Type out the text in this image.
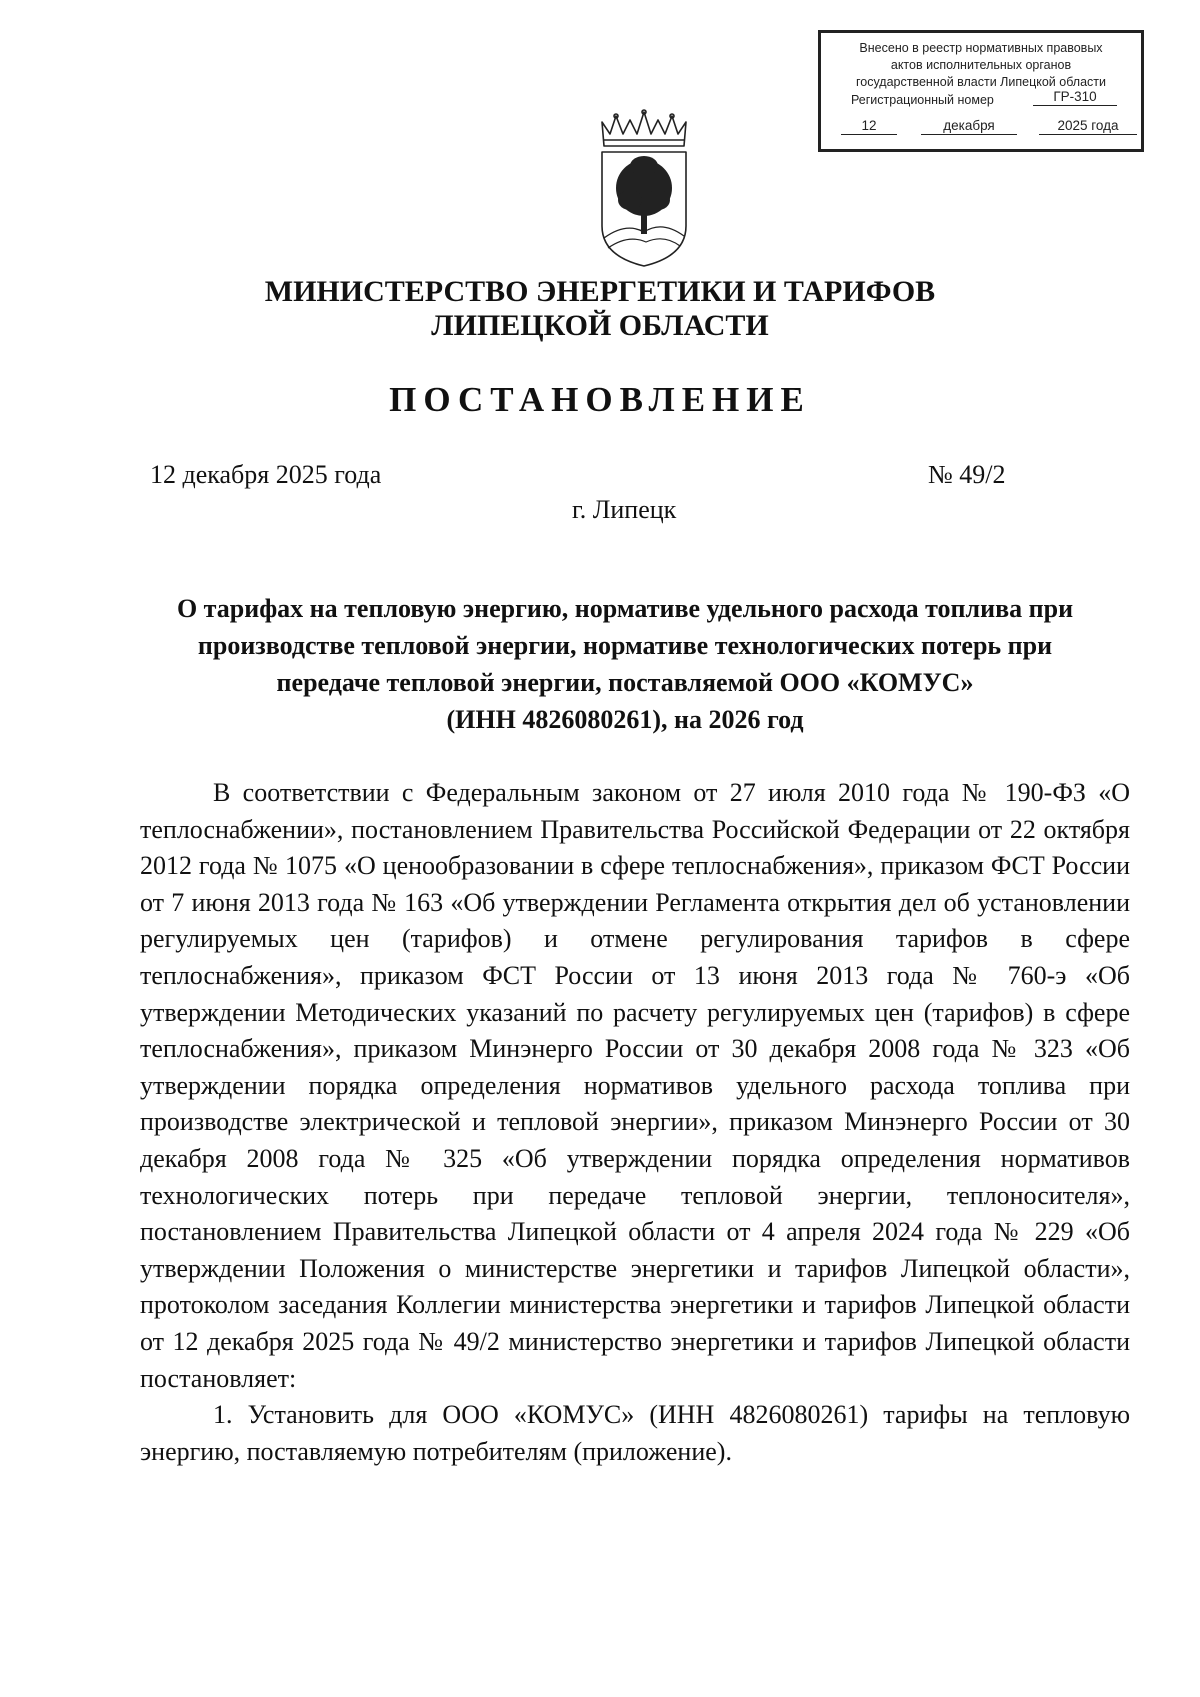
Внесено в реестр нормативных правовых
актов исполнительных органов
государственной власти Липецкой области
Регистрационный номер	ГР-310
12	декабря	2025 года
МИНИСТЕРСТВО ЭНЕРГЕТИКИ И ТАРИФОВ
ЛИПЕЦКОЙ ОБЛАСТИ
ПОСТАНОВЛЕНИЕ
12 декабря 2025 года	№ 49/2
г. Липецк
О тарифах на тепловую энергию, нормативе удельного расхода топлива при
производстве тепловой энергии, нормативе технологических потерь при
передаче тепловой энергии, поставляемой ООО «КОМУС»
(ИНН 4826080261), на 2026 год

В соответствии с Федеральным законом от 27 июля 2010 года № 190-ФЗ «О теплоснабжении», постановлением Правительства Российской Федерации от 22 октября 2012 года № 1075 «О ценообразовании в сфере теплоснабжения», приказом ФСТ России от 7 июня 2013 года № 163 «Об утверждении Регламента открытия дел об установлении регулируемых цен (тарифов) и отмене регулирования тарифов в сфере теплоснабжения», приказом ФСТ России от 13 июня 2013 года № 760-э «Об утверждении Методических указаний по расчету регулируемых цен (тарифов) в сфере теплоснабжения», приказом Минэнерго России от 30 декабря 2008 года № 323 «Об утверждении порядка определения нормативов удельного расхода топлива при производстве электрической и тепловой энергии», приказом Минэнерго России от 30 декабря 2008 года № 325 «Об утверждении порядка определения нормативов технологических потерь при передаче тепловой энергии, теплоносителя», постановлением Правительства Липецкой области от 4 апреля 2024 года № 229 «Об утверждении Положения о министерстве энергетики и тарифов Липецкой области», протоколом заседания Коллегии министерства энергетики и тарифов Липецкой области от 12 декабря 2025 года № 49/2 министерство энергетики и тарифов Липецкой области постановляет:

1. Установить для ООО «КОМУС» (ИНН 4826080261) тарифы на тепловую энергию, поставляемую потребителям (приложение).
